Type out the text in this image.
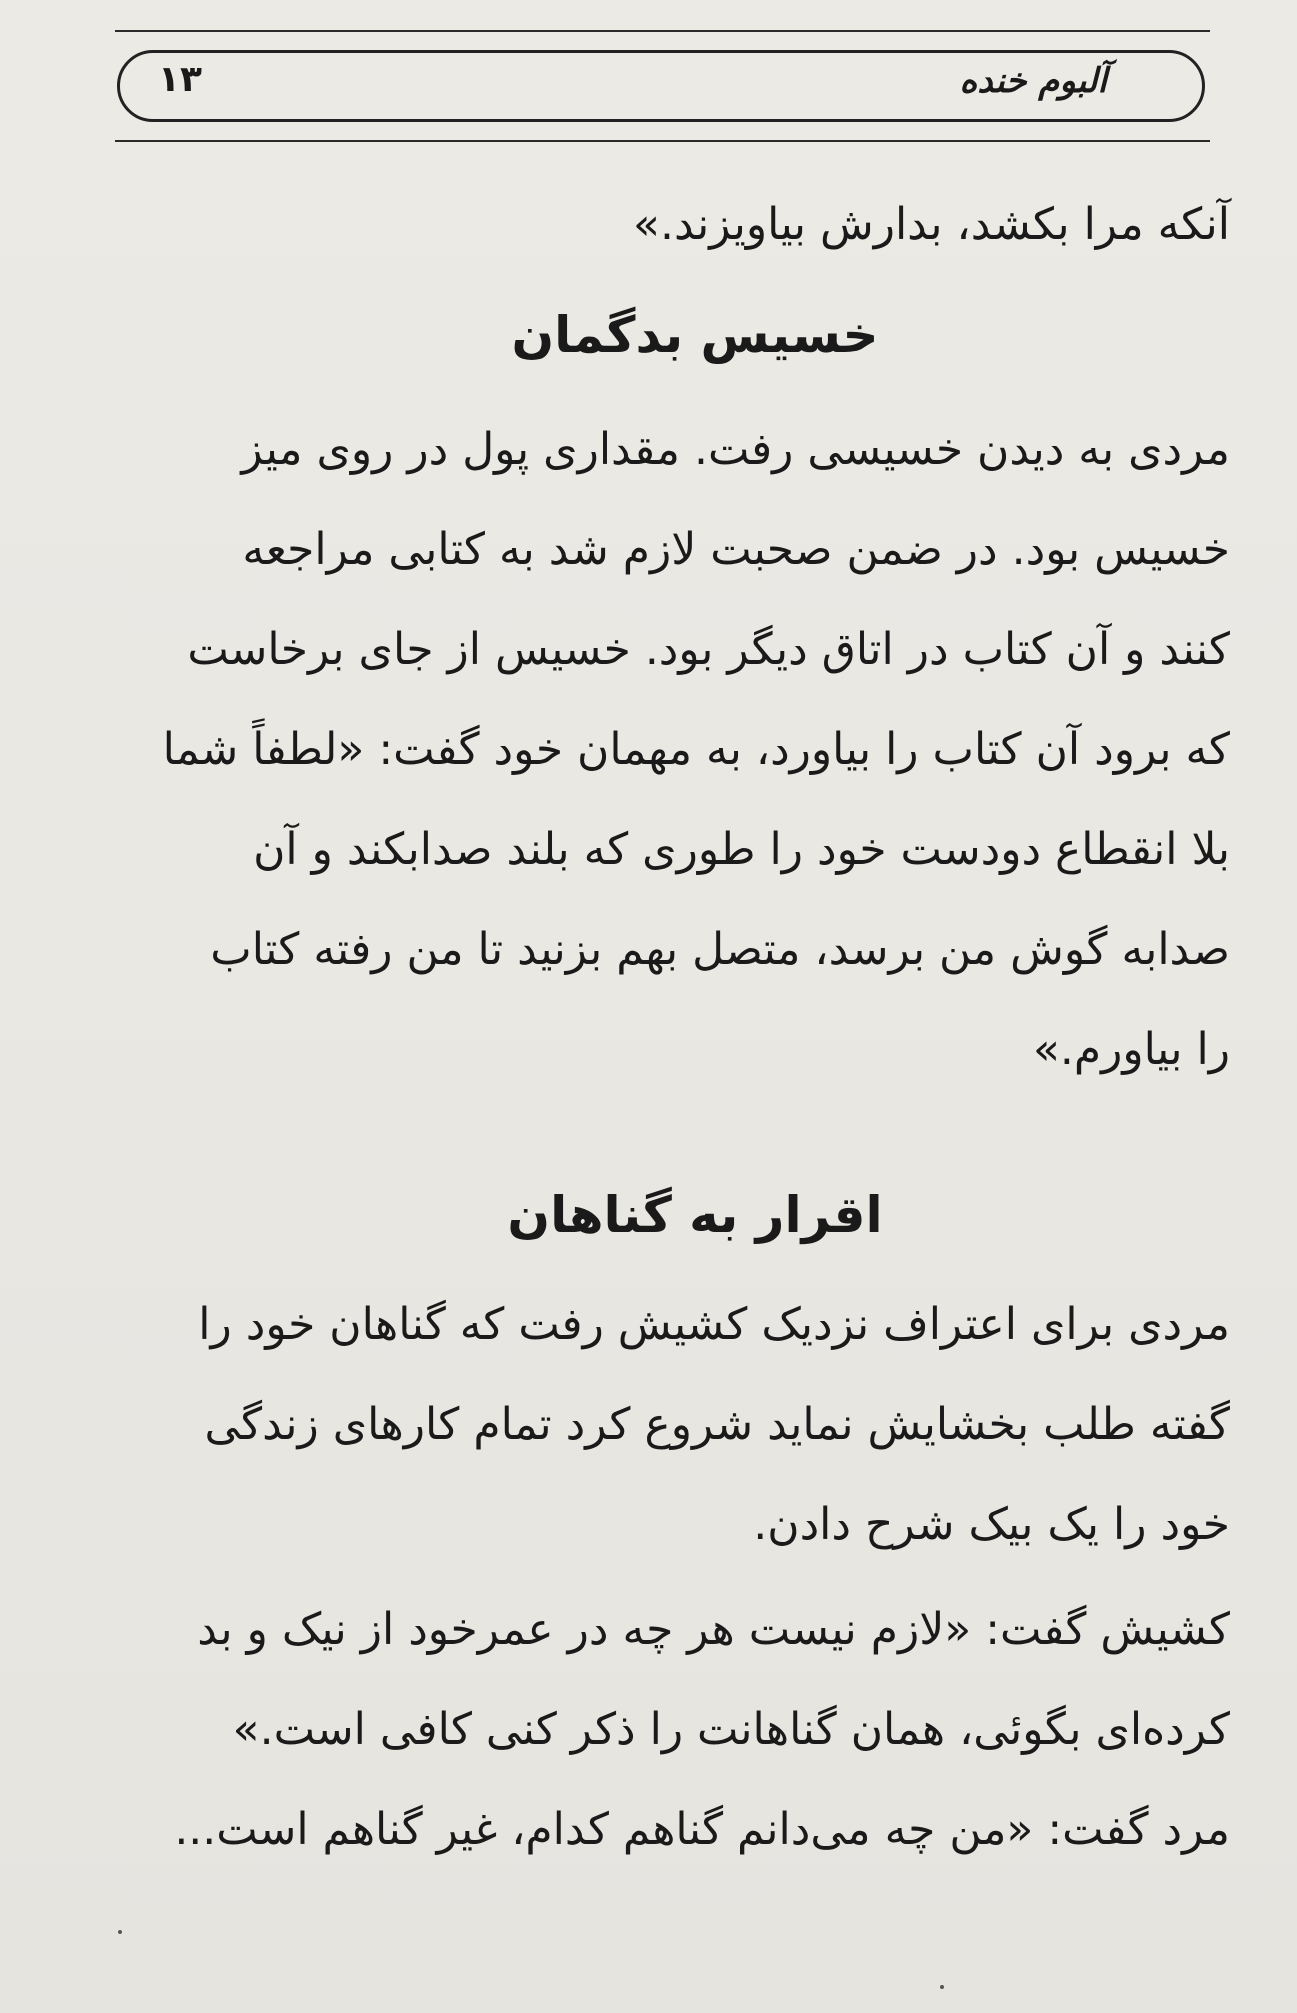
آلبوم خنده
۱۳
آنکه مرا بکشد، بدارش بیاویزند.»
خسیس بدگمان
مردی به دیدن خسیسی رفت. مقداری پول در روی میز
خسیس بود. در ضمن صحبت لازم شد به کتابی مراجعه
کنند و آن کتاب در اتاق دیگر بود. خسیس از جای برخاست
که برود آن کتاب را بیاورد، به مهمان خود گفت: «لطفاً شما
بلا انقطاع دودست خود را طوری که بلند صدابکند و آن
صدابه گوش من برسد، متصل بهم بزنید تا من رفته کتاب
را بیاورم.»
اقرار به گناهان
مردی برای اعتراف نزدیک کشیش رفت که گناهان خود را
گفته طلب بخشایش نماید شروع کرد تمام کارهای زندگی
خود را یک بیک شرح دادن.
کشیش گفت: «لازم نیست هر چه در عمرخود از نیک و بد
کرده‌ای بگوئی، همان گناهانت را ذکر کنی کافی است.»
مرد گفت: «من چه می‌دانم گناهم کدام، غیر گناهم است...
